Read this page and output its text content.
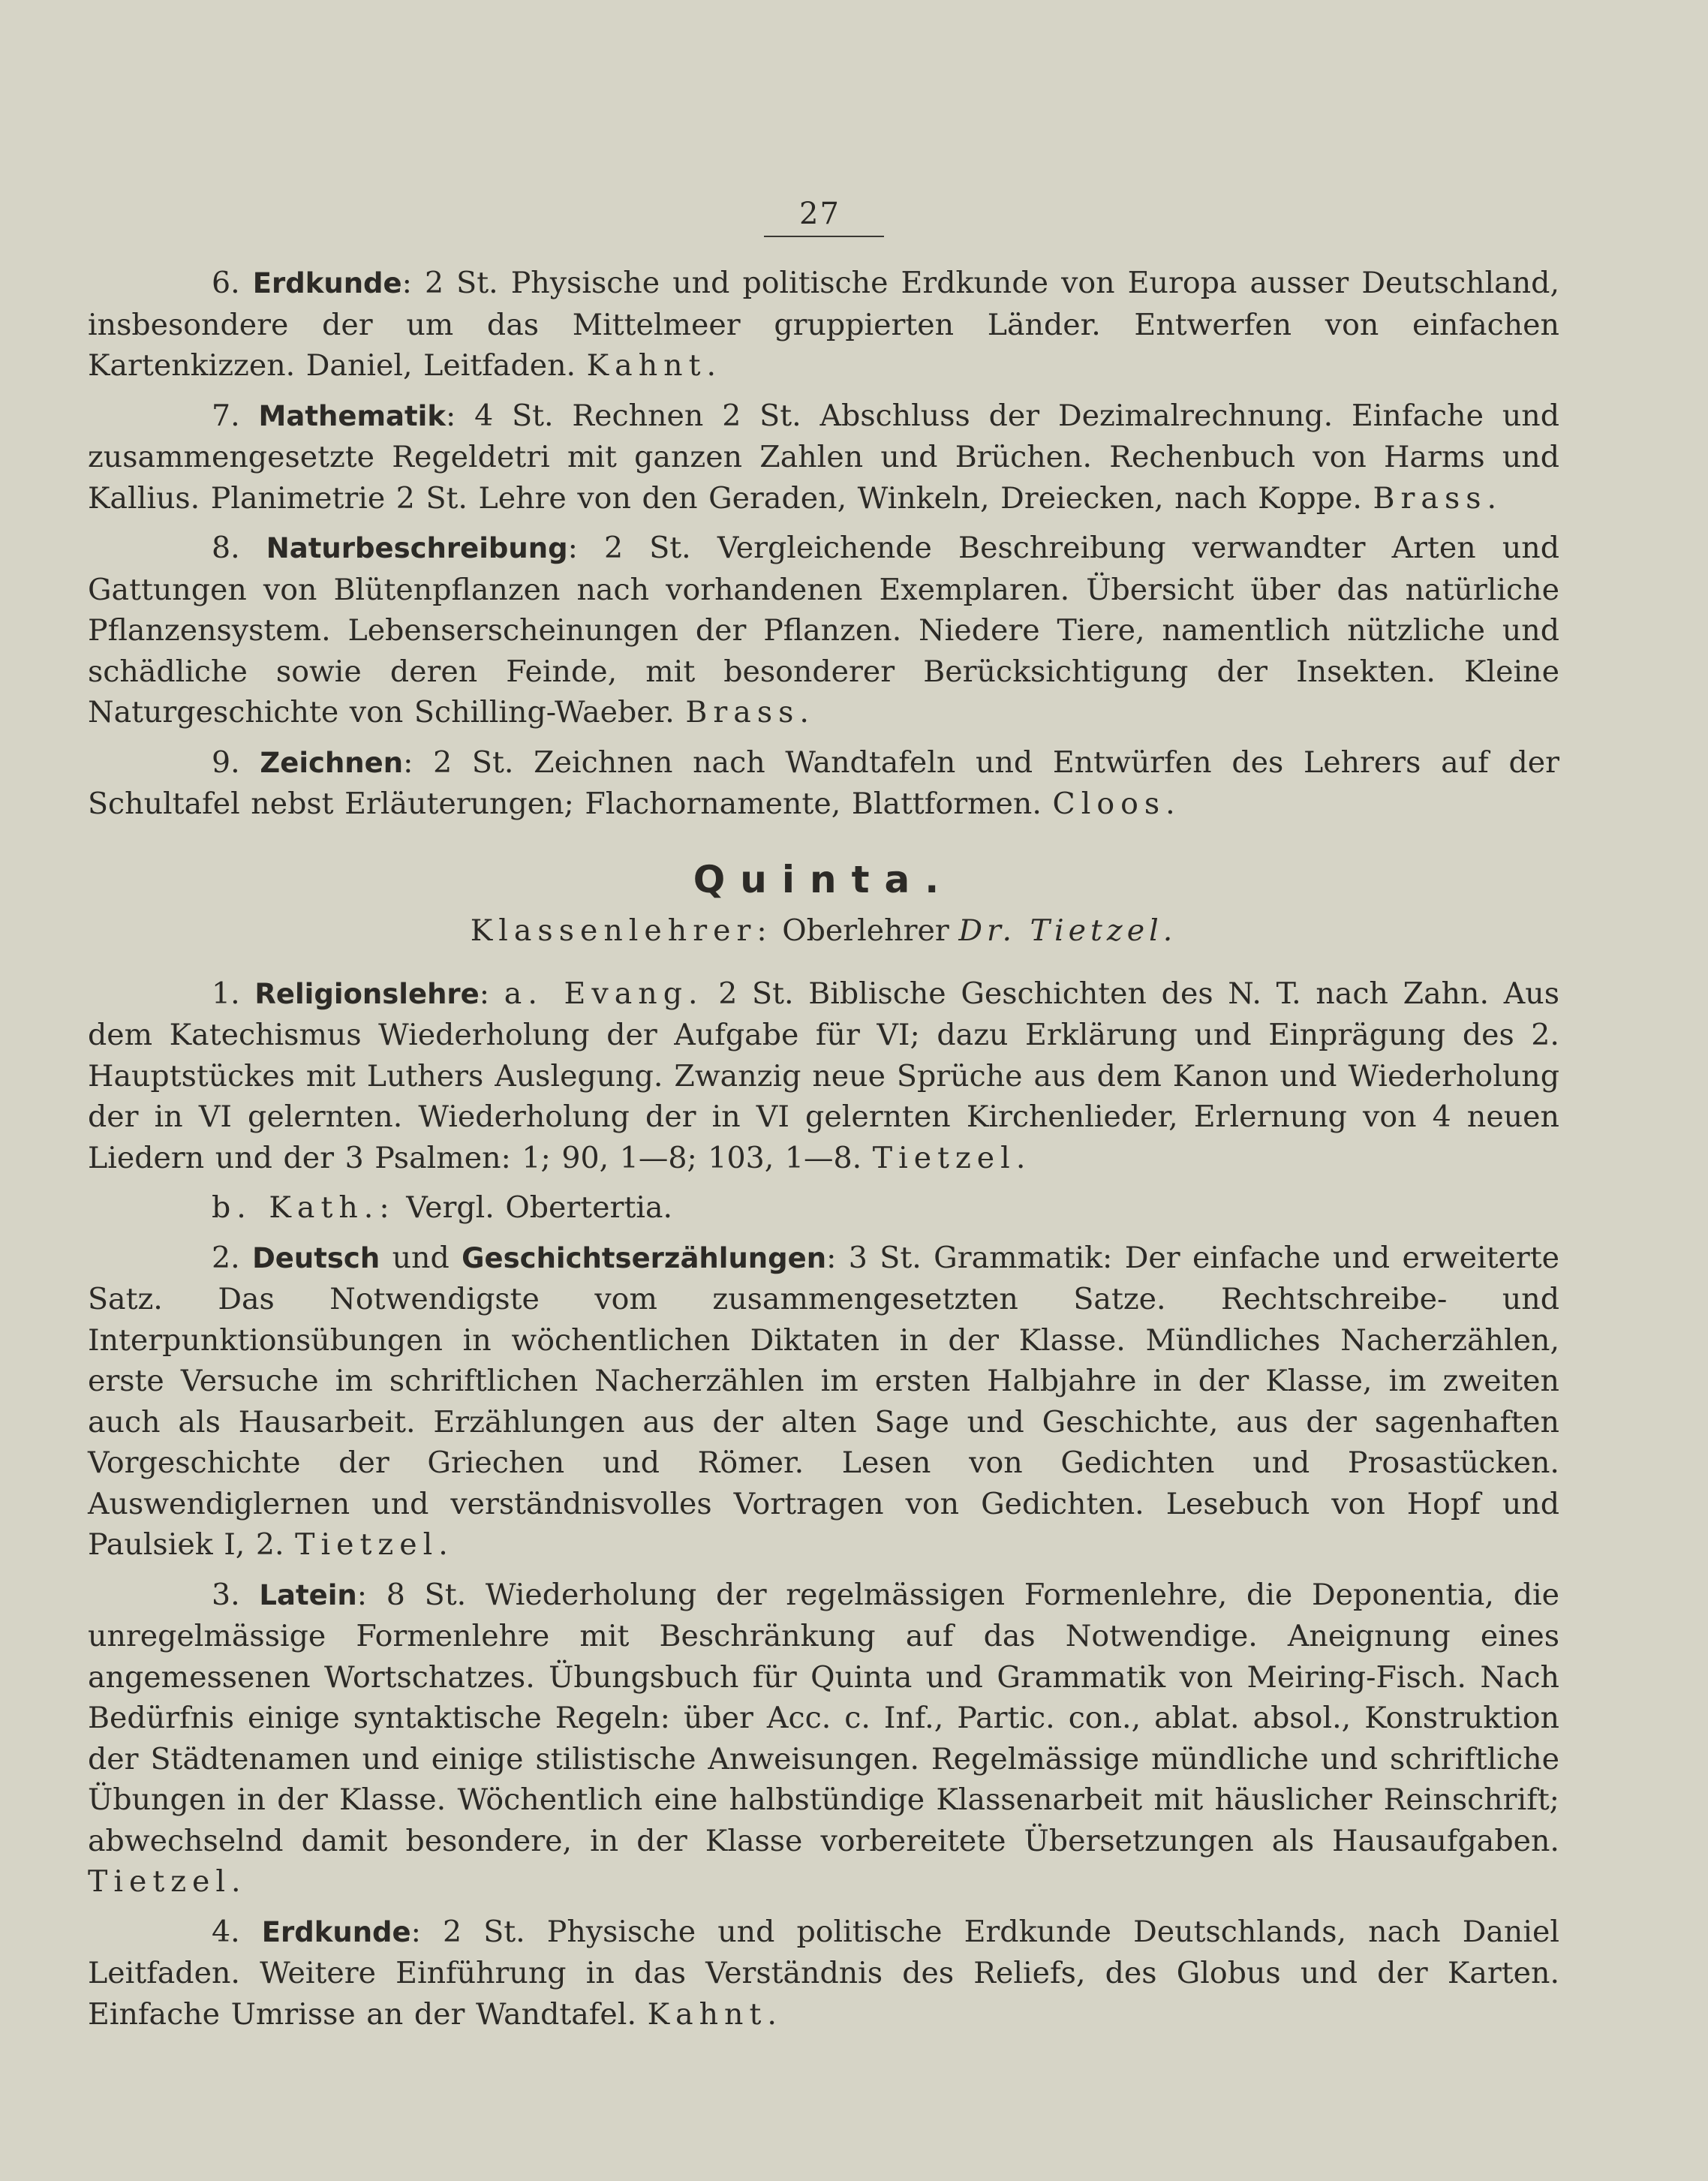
27

6. Erdkunde: 2 St. Physische und politische Erdkunde von Europa ausser Deutschland, insbesondere der um das Mittelmeer gruppierten Länder. Entwerfen von einfachen Kartenkizzen. Daniel, Leitfaden. Kahnt.

7. Mathematik: 4 St. Rechnen 2 St. Abschluss der Dezimalrechnung. Einfache und zusammengesetzte Regeldetri mit ganzen Zahlen und Brüchen. Rechenbuch von Harms und Kallius. Planimetrie 2 St. Lehre von den Geraden, Winkeln, Dreiecken, nach Koppe. Brass.

8. Naturbeschreibung: 2 St. Vergleichende Beschreibung verwandter Arten und Gattungen von Blütenpflanzen nach vorhandenen Exemplaren. Übersicht über das natürliche Pflanzensystem. Lebenserscheinungen der Pflanzen. Niedere Tiere, namentlich nützliche und schädliche sowie deren Feinde, mit besonderer Berücksichtigung der Insekten. Kleine Naturgeschichte von Schilling-Waeber. Brass.

9. Zeichnen: 2 St. Zeichnen nach Wandtafeln und Entwürfen des Lehrers auf der Schultafel nebst Erläuterungen; Flachornamente, Blattformen. Cloos.

Quinta.
Klassenlehrer: Oberlehrer Dr. Tietzel.

1. Religionslehre: a. Evang. 2 St. Biblische Geschichten des N. T. nach Zahn. Aus dem Katechismus Wiederholung der Aufgabe für VI; dazu Erklärung und Einprägung des 2. Hauptstückes mit Luthers Auslegung. Zwanzig neue Sprüche aus dem Kanon und Wiederholung der in VI gelernten. Wiederholung der in VI gelernten Kirchenlieder, Erlernung von 4 neuen Liedern und der 3 Psalmen: 1; 90, 1—8; 103, 1—8. Tietzel.

b. Kath.: Vergl. Obertertia.

2. Deutsch und Geschichtserzählungen: 3 St. Grammatik: Der einfache und erweiterte Satz. Das Notwendigste vom zusammengesetzten Satze. Rechtschreibe- und Interpunktionsübungen in wöchentlichen Diktaten in der Klasse. Mündliches Nacherzählen, erste Versuche im schriftlichen Nacherzählen im ersten Halbjahre in der Klasse, im zweiten auch als Hausarbeit. Erzählungen aus der alten Sage und Geschichte, aus der sagenhaften Vorgeschichte der Griechen und Römer. Lesen von Gedichten und Prosastücken. Auswendiglernen und verständnisvolles Vortragen von Gedichten. Lesebuch von Hopf und Paulsiek I, 2. Tietzel.

3. Latein: 8 St. Wiederholung der regelmässigen Formenlehre, die Deponentia, die unregelmässige Formenlehre mit Beschränkung auf das Notwendige. Aneignung eines angemessenen Wortschatzes. Übungsbuch für Quinta und Grammatik von Meiring-Fisch. Nach Bedürfnis einige syntaktische Regeln: über Acc. c. Inf., Partic. con., ablat. absol., Konstruktion der Städtenamen und einige stilistische Anweisungen. Regelmässige mündliche und schriftliche Übungen in der Klasse. Wöchentlich eine halbstündige Klassenarbeit mit häuslicher Reinschrift; abwechselnd damit besondere, in der Klasse vorbereitete Übersetzungen als Hausaufgaben. Tietzel.

4. Erdkunde: 2 St. Physische und politische Erdkunde Deutschlands, nach Daniel Leitfaden. Weitere Einführung in das Verständnis des Reliefs, des Globus und der Karten. Einfache Umrisse an der Wandtafel. Kahnt.
